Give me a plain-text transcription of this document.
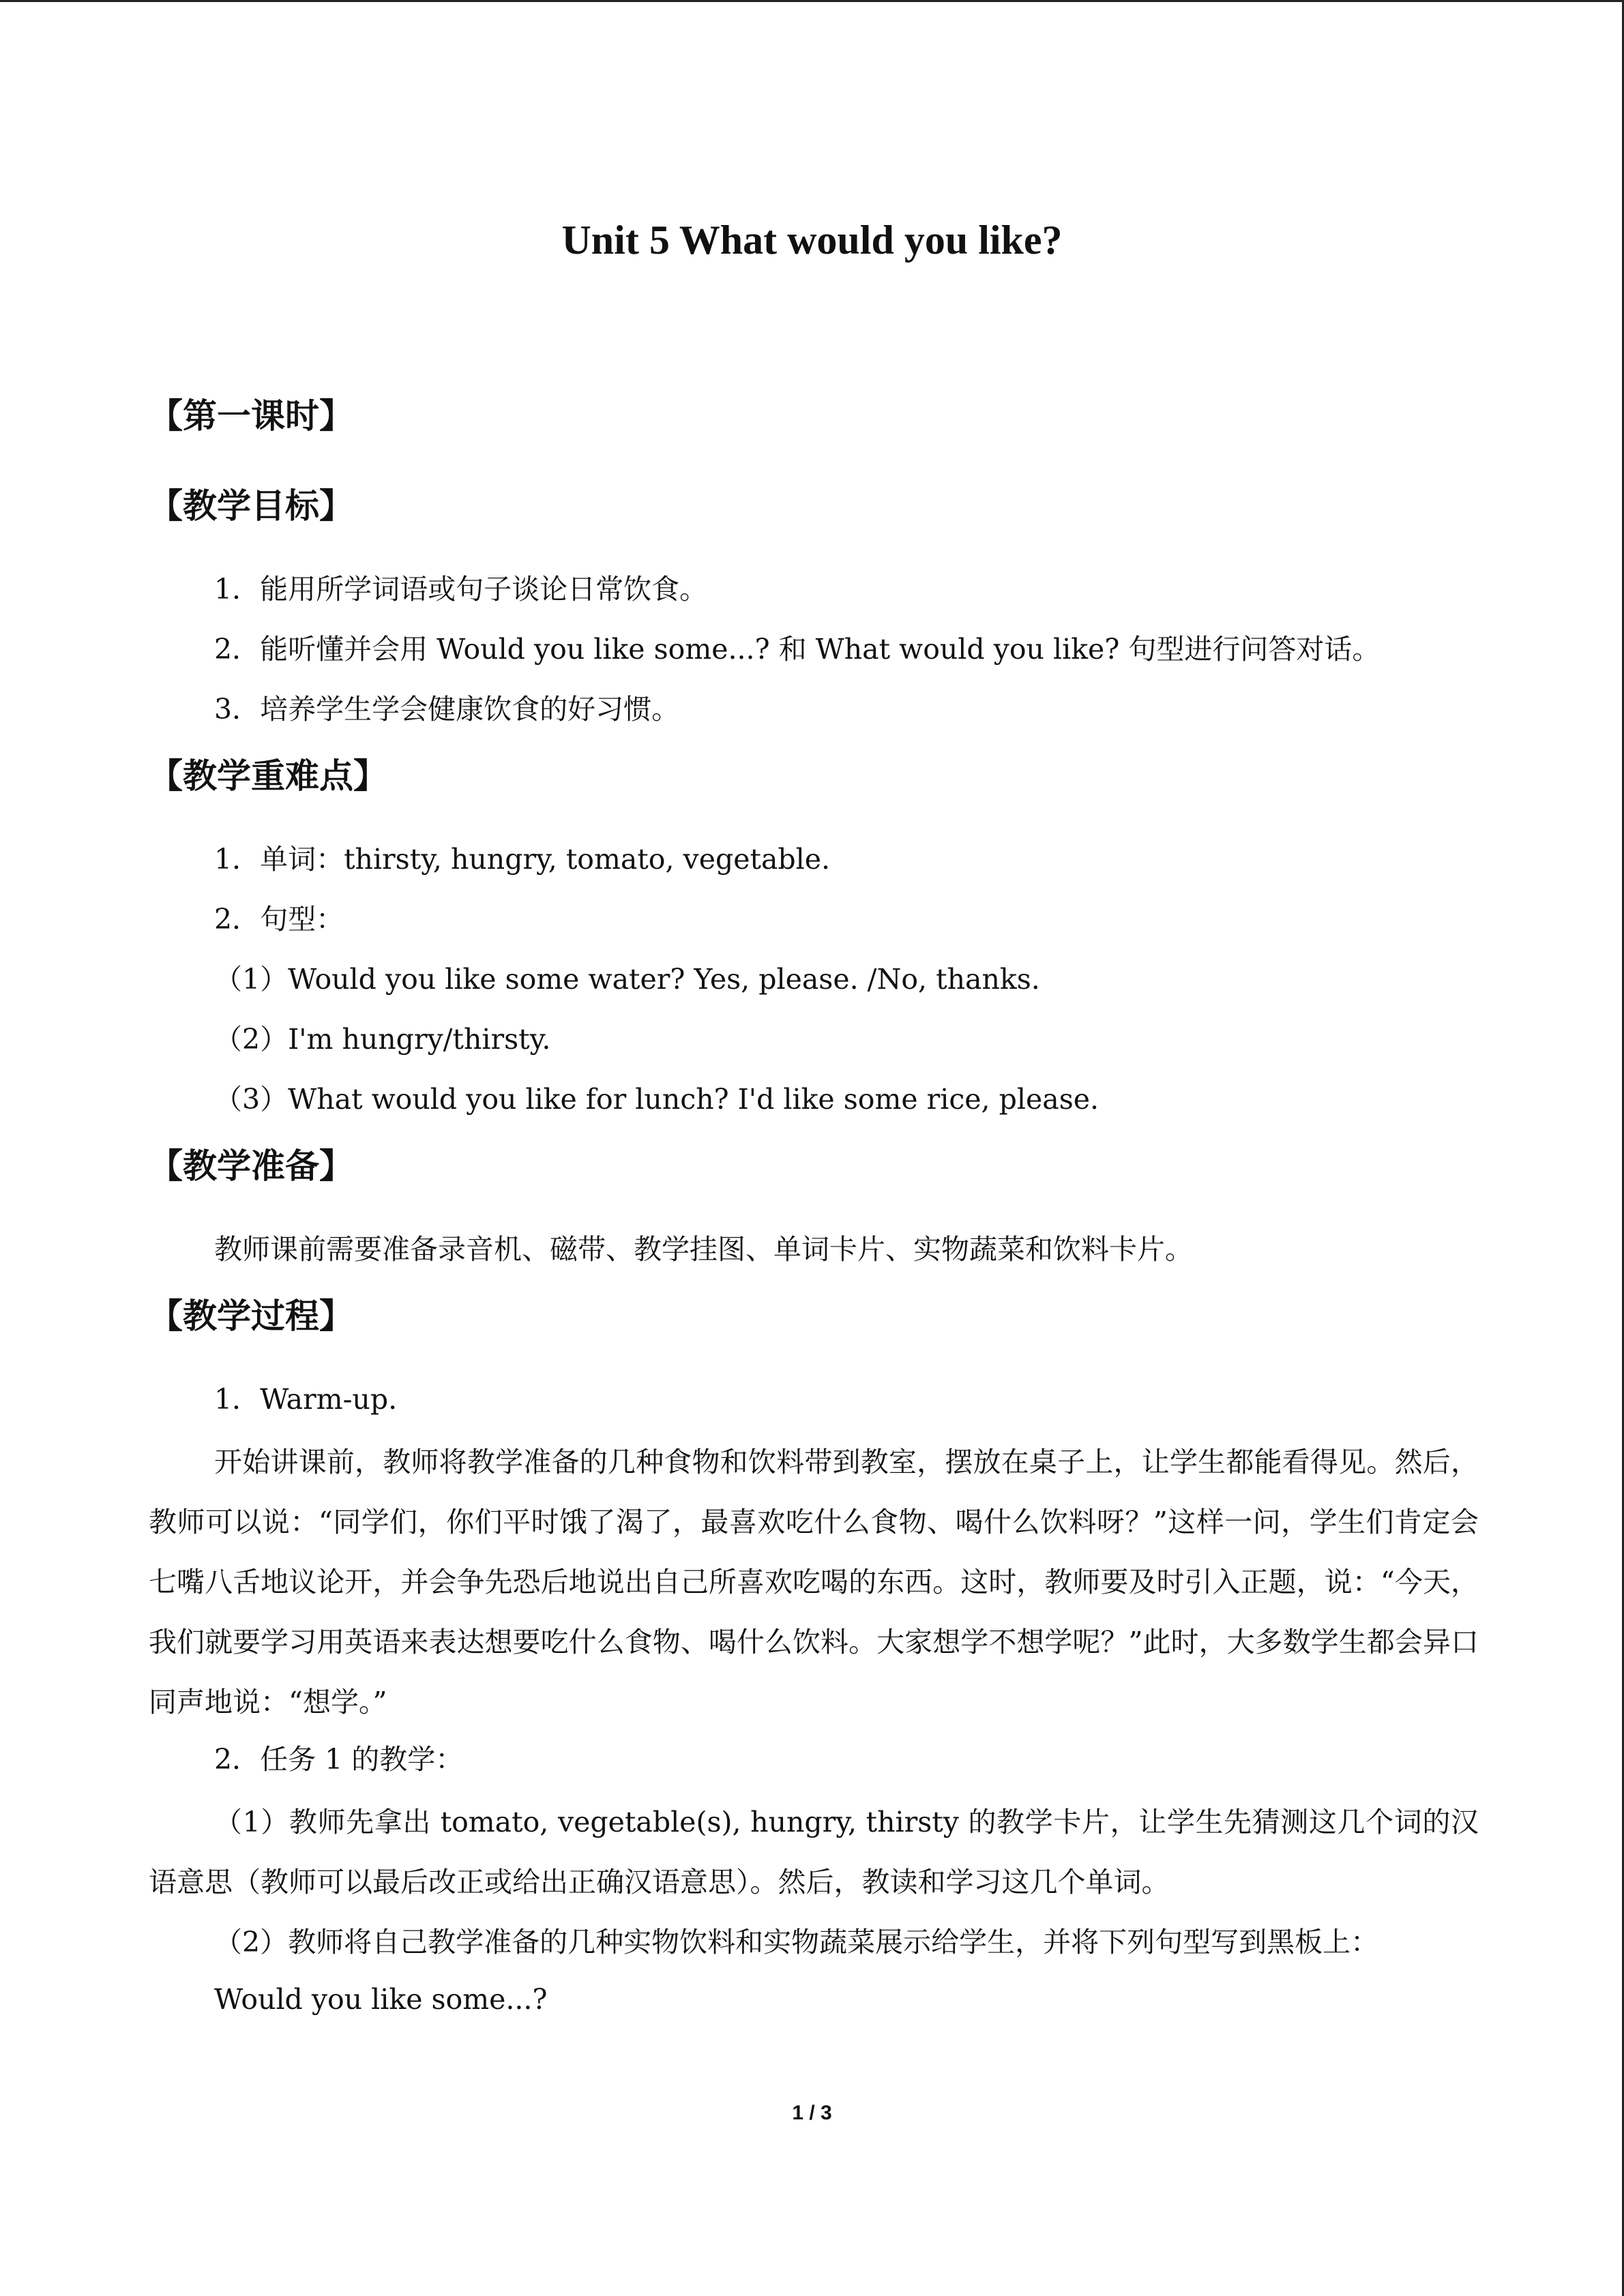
Unit 5 What would you like?

【第一课时】

【教学目标】

1．能用所学词语或句子谈论日常饮食。

2．能听懂并会用 Would you like some...? 和 What would you like? 句型进行问答对话。

3．培养学生学会健康饮食的好习惯。

【教学重难点】

1．单词：thirsty, hungry, tomato, vegetable.

2．句型：

（1）Would you like some water? Yes, please. /No, thanks.

（2）I'm hungry/thirsty.

（3）What would you like for lunch? I'd like some rice, please.

【教学准备】

教师课前需要准备录音机、磁带、教学挂图、单词卡片、实物蔬菜和饮料卡片。

【教学过程】

1．Warm-up.

开始讲课前，教师将教学准备的几种食物和饮料带到教室，摆放在桌子上，让学生都能看得见。然后，教师可以说：“同学们，你们平时饿了渴了，最喜欢吃什么食物、喝什么饮料呀？”这样一问，学生们肯定会七嘴八舌地议论开，并会争先恐后地说出自己所喜欢吃喝的东西。这时，教师要及时引入正题，说：“今天，我们就要学习用英语来表达想要吃什么食物、喝什么饮料。大家想学不想学呢？”此时，大多数学生都会异口同声地说：“想学。”

2．任务 1 的教学：

（1）教师先拿出 tomato, vegetable(s), hungry, thirsty 的教学卡片，让学生先猜测这几个词的汉语意思（教师可以最后改正或给出正确汉语意思）。然后，教读和学习这几个单词。

（2）教师将自己教学准备的几种实物饮料和实物蔬菜展示给学生，并将下列句型写到黑板上：

Would you like some...?

1 / 3
